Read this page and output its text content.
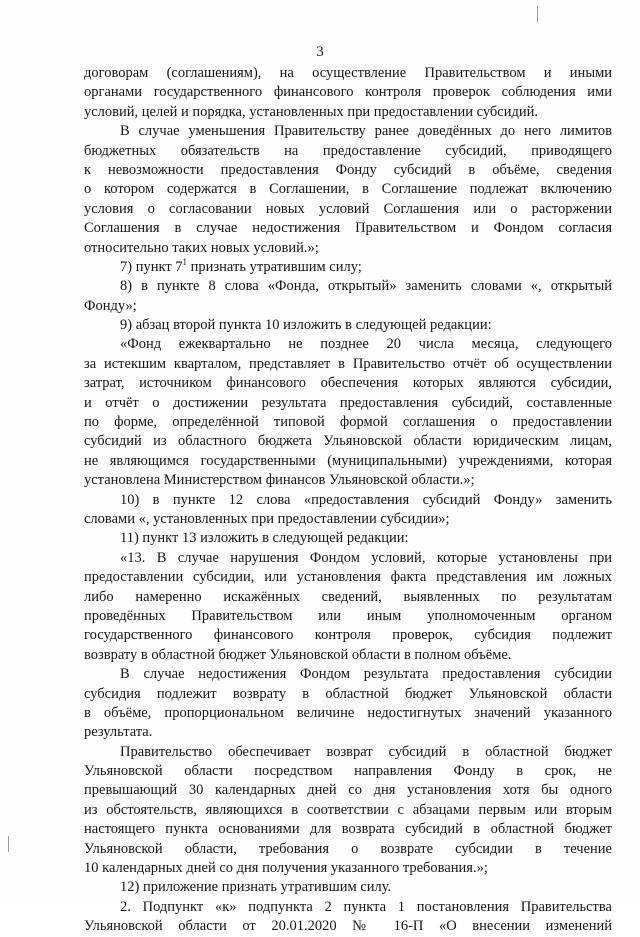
3
договорам (соглашениям), на осуществление Правительством и иными
органами государственного финансового контроля проверок соблюдения ими
условий, целей и порядка, установленных при предоставлении субсидий.
В случае уменьшения Правительству ранее доведённых до него лимитов
бюджетных обязательств на предоставление субсидий, приводящего
к невозможности предоставления Фонду субсидий в объёме, сведения
о котором содержатся в Соглашении, в Соглашение подлежат включению
условия о согласовании новых условий Соглашения или о расторжении
Соглашения в случае недостижения Правительством и Фондом согласия
относительно таких новых условий.»;
7) пункт $7^1$ признать утратившим силу;
8) в пункте 8 слова «Фонда, открытый» заменить словами «, открытый
Фонду»;
9) абзац второй пункта 10 изложить в следующей редакции:
«Фонд ежеквартально не позднее 20 числа месяца, следующего
за истекшим кварталом, представляет в Правительство отчёт об осуществлении
затрат, источником финансового обеспечения которых являются субсидии,
и отчёт о достижении результата предоставления субсидий, составленные
по форме, определённой типовой формой соглашения о предоставлении
субсидий из областного бюджета Ульяновской области юридическим лицам,
не являющимся государственными (муниципальными) учреждениями, которая
установлена Министерством финансов Ульяновской области.»;
10) в пункте 12 слова «предоставления субсидий Фонду» заменить
словами «, установленных при предоставлении субсидии»;
11) пункт 13 изложить в следующей редакции:
«13. В случае нарушения Фондом условий, которые установлены при
предоставлении субсидии, или установления факта представления им ложных
либо намеренно искажённых сведений, выявленных по результатам
проведённых Правительством или иным уполномоченным органом
государственного финансового контроля проверок, субсидия подлежит
возврату в областной бюджет Ульяновской области в полном объёме.
В случае недостижения Фондом результата предоставления субсидии
субсидия подлежит возврату в областной бюджет Ульяновской области
в объёме, пропорциональном величине недостигнутых значений указанного
результата.
Правительство обеспечивает возврат субсидий в областной бюджет
Ульяновской области посредством направления Фонду в срок, не
превышающий 30 календарных дней со дня установления хотя бы одного
из обстоятельств, являющихся в соответствии с абзацами первым или вторым
настоящего пункта основаниями для возврата субсидий в областной бюджет
Ульяновской области, требования о возврате субсидии в течение
10 календарных дней со дня получения указанного требования.»;
12) приложение признать утратившим силу.
2. Подпункт «к» подпункта 2 пункта 1 постановления Правительства
Ульяновской области от 20.01.2020 № 16-П «О внесении изменений
